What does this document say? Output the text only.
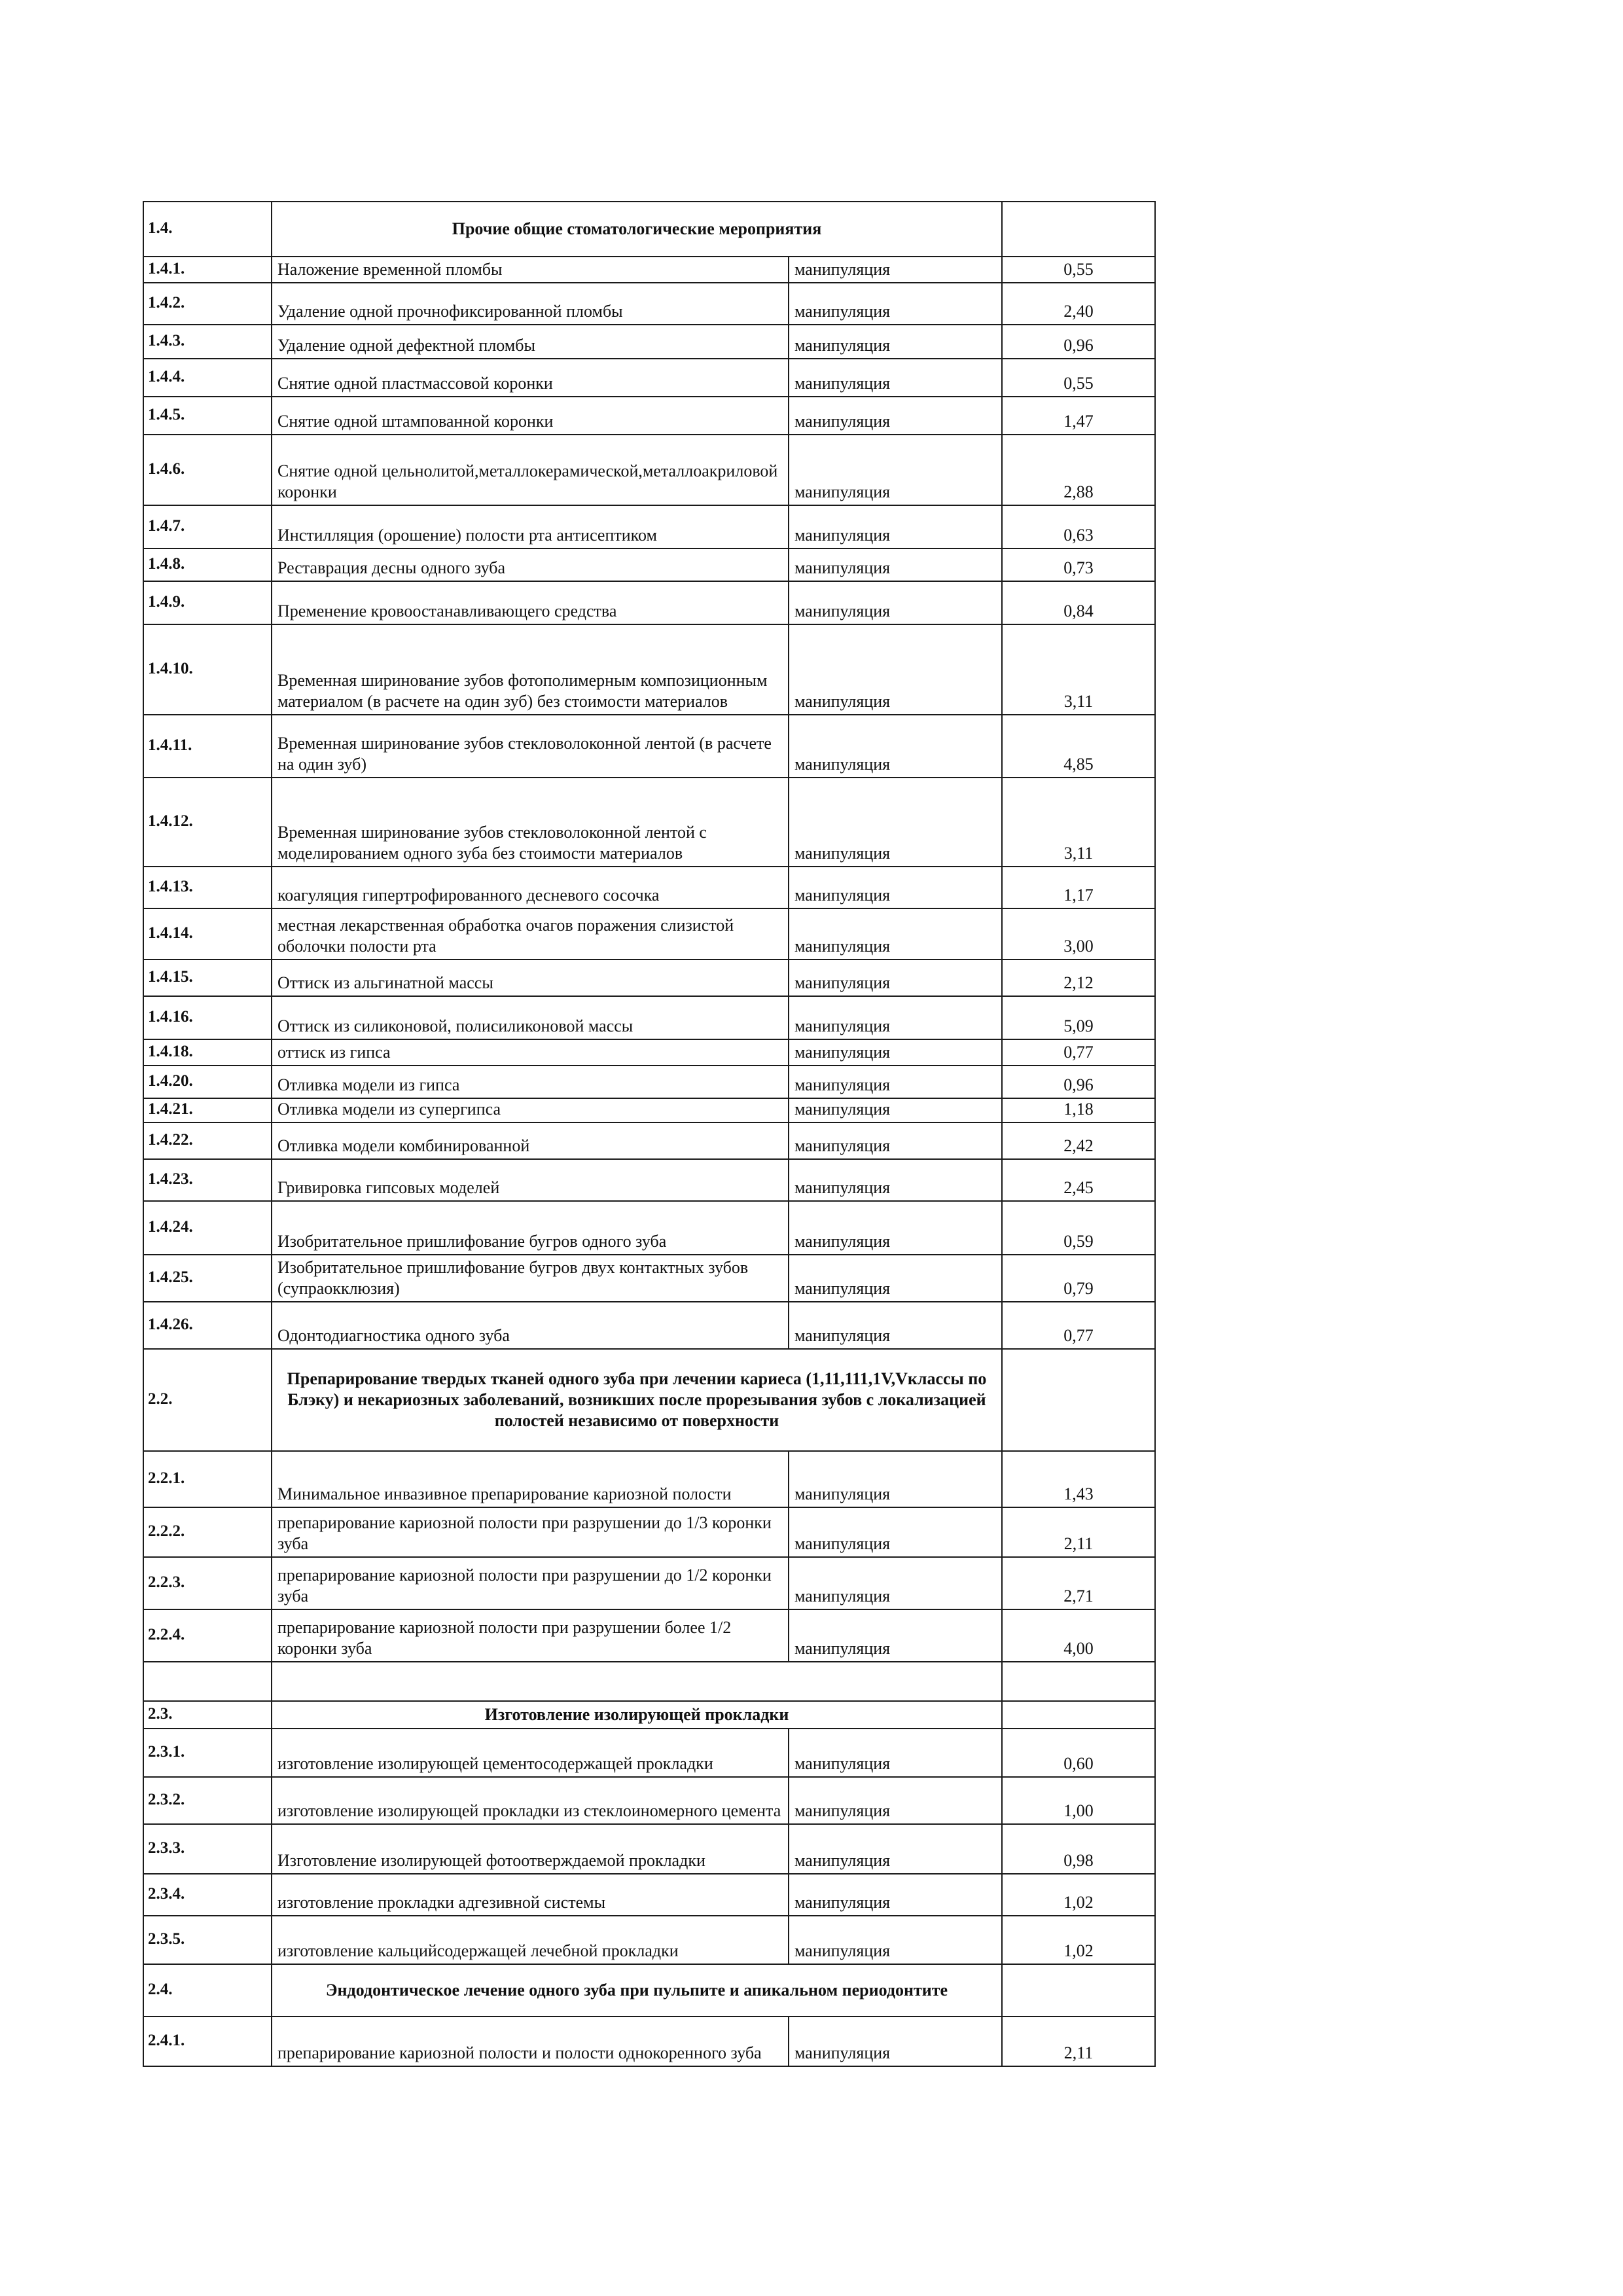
1.4.	Прочие общие стоматологические мероприятия		
1.4.1.	Наложение временной пломбы	манипуляция	0,55
1.4.2.	Удаление одной прочнофиксированной пломбы	манипуляция	2,40
1.4.3.	Удаление одной дефектной пломбы	манипуляция	0,96
1.4.4.	Снятие одной пластмассовой коронки	манипуляция	0,55
1.4.5.	Снятие одной штампованной коронки	манипуляция	1,47
1.4.6.	Снятие одной цельнолитой,металлокерамической,металлоакриловой коронки	манипуляция	2,88
1.4.7.	Инстилляция (орошение) полости рта антисептиком	манипуляция	0,63
1.4.8.	Реставрация десны одного зуба	манипуляция	0,73
1.4.9.	Пременение кровоостанавливающего средства	манипуляция	0,84
1.4.10.	Временная ширинование зубов фотополимерным композиционным материалом (в расчете на один зуб) без стоимости материалов	манипуляция	3,11
1.4.11.	Временная ширинование зубов стекловолоконной лентой (в расчете на один зуб)	манипуляция	4,85
1.4.12.	Временная ширинование зубов стекловолоконной лентой с моделированием одного зуба без стоимости материалов	манипуляция	3,11
1.4.13.	коагуляция гипертрофированного десневого сосочка	манипуляция	1,17
1.4.14.	местная лекарственная обработка очагов поражения слизистой оболочки полости рта	манипуляция	3,00
1.4.15.	Оттиск из альгинатной массы	манипуляция	2,12
1.4.16.	Оттиск из силиконовой, полисиликоновой массы	манипуляция	5,09
1.4.18.	оттиск из гипса	манипуляция	0,77
1.4.20.	Отливка модели из гипса	манипуляция	0,96
1.4.21.	Отливка модели из супергипса	манипуляция	1,18
1.4.22.	Отливка модели комбинированной	манипуляция	2,42
1.4.23.	Гривировка гипсовых моделей	манипуляция	2,45
1.4.24.	Изобритательное пришлифование бугров одного зуба	манипуляция	0,59
1.4.25.	Изобритательное пришлифование бугров двух контактных зубов (супраокклюзия)	манипуляция	0,79
1.4.26.	Одонтодиагностика одного зуба	манипуляция	0,77
2.2.	Препарирование твердых тканей одного зуба при лечении кариеса (1,11,111,1V,Vклассы по Блэку) и некариозных заболеваний, возникших после прорезывания зубов с локализацией полостей независимо от поверхности		
2.2.1.	Минимальное инвазивное препарирование кариозной полости	манипуляция	1,43
2.2.2.	препарирование кариозной полости при разрушении до 1/3 коронки зуба	манипуляция	2,11
2.2.3.	препарирование кариозной полости при разрушении до 1/2 коронки зуба	манипуляция	2,71
2.2.4.	препарирование кариозной полости при разрушении более 1/2 коронки зуба	манипуляция	4,00

2.3.	Изготовление изолирующей прокладки		
2.3.1.	изготовление изолирующей цементосодержащей прокладки	манипуляция	0,60
2.3.2.	изготовление изолирующей прокладки из стеклоиномерного цемента	манипуляция	1,00
2.3.3.	Изготовление изолирующей фотоотверждаемой прокладки	манипуляция	0,98
2.3.4.	изготовление прокладки адгезивной системы	манипуляция	1,02
2.3.5.	изготовление кальцийсодержащей лечебной прокладки	манипуляция	1,02
2.4.	Эндодонтическое лечение одного зуба при пульпите и апикальном периодонтите		
2.4.1.	препарирование кариозной полости и полости однокоренного зуба	манипуляция	2,11
